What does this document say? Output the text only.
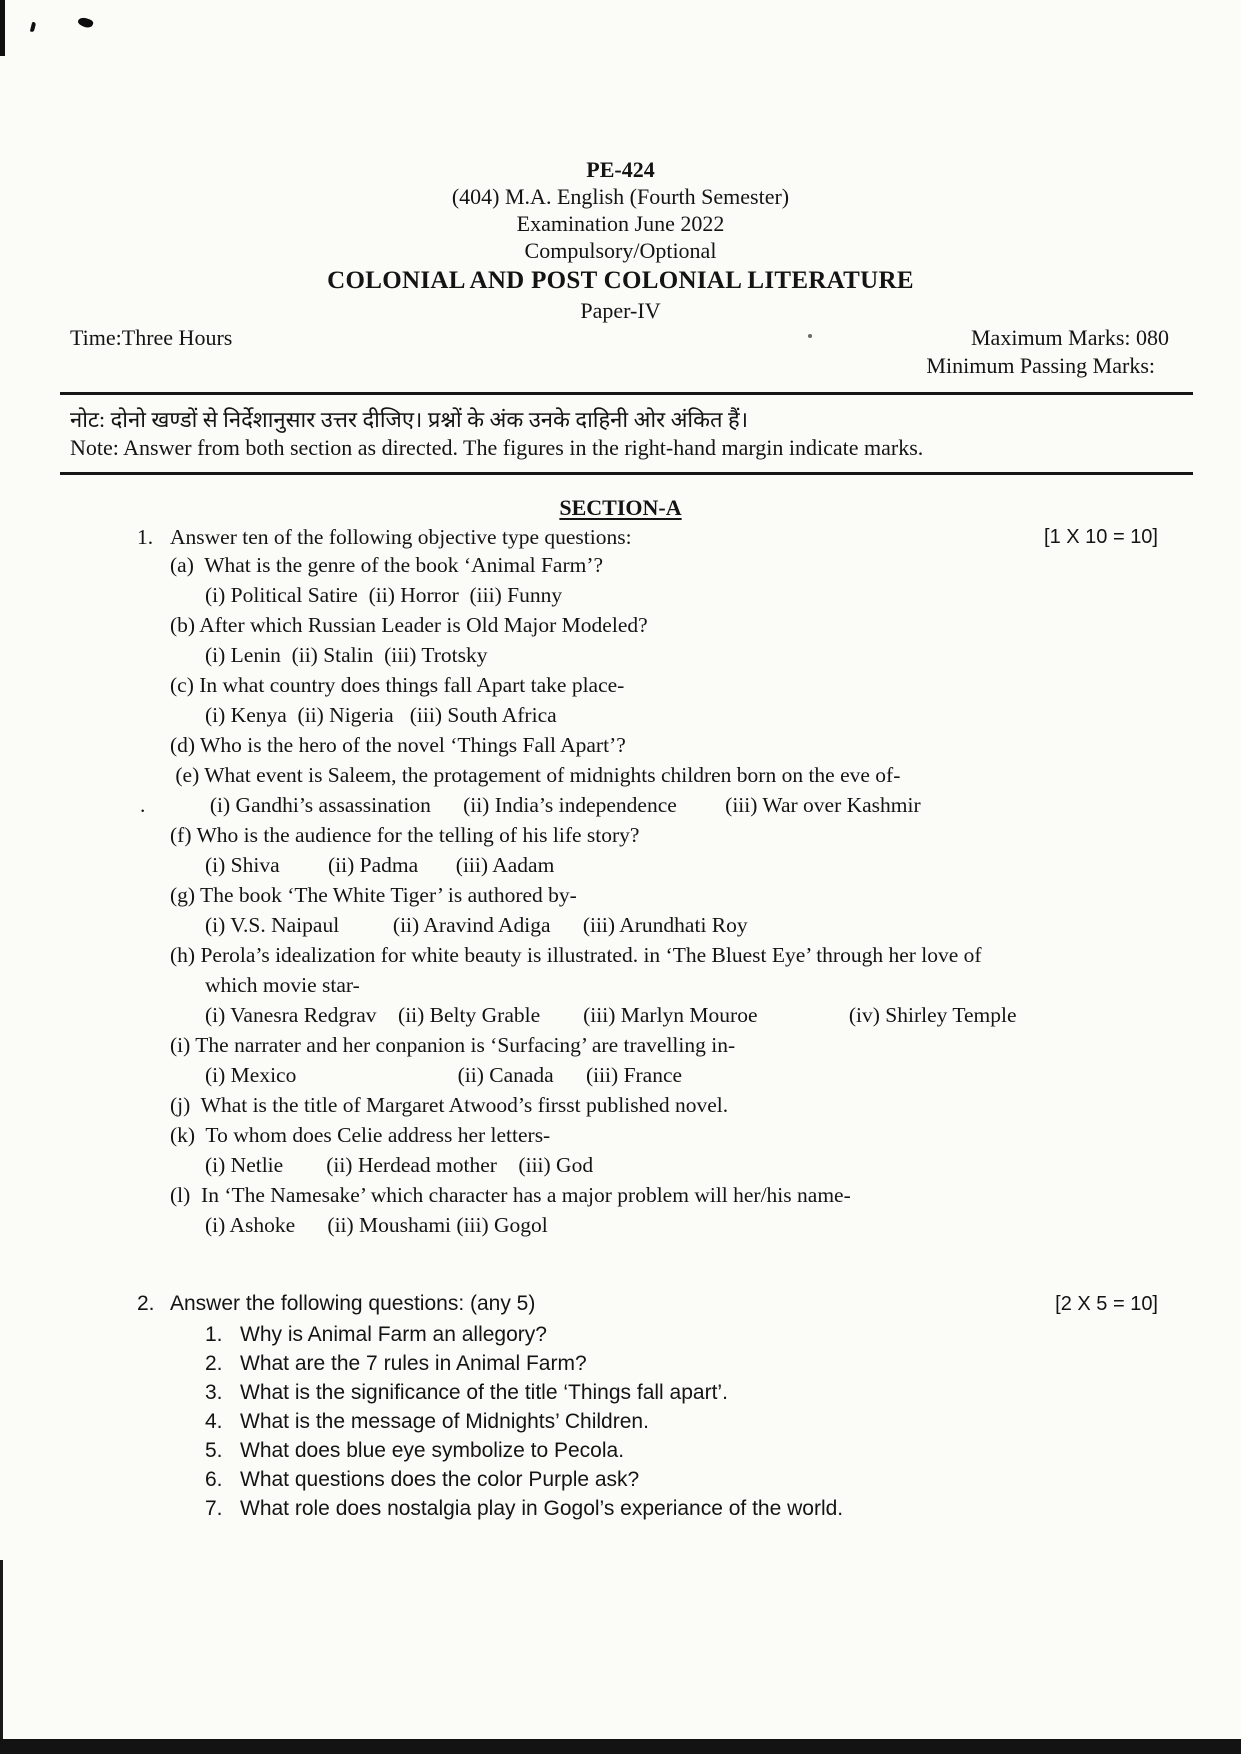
PE-424
(404) M.A. English (Fourth Semester)
Examination June 2022
Compulsory/Optional
COLONIAL AND POST COLONIAL LITERATURE
Paper-IV
Time:Three Hours	Maximum Marks: 080
Minimum Passing Marks:
नोट: दोनो खण्डों से निर्देशानुसार उत्तर दीजिए। प्रश्नों के अंक उनके दाहिनी ओर अंकित हैं।
Note: Answer from both section as directed. The figures in the right-hand margin indicate marks.
SECTION-A
1. Answer ten of the following objective type questions:	[1 X 10 = 10]
(a)  What is the genre of the book ‘Animal Farm’?
(i) Political Satire  (ii) Horror  (iii) Funny
(b) After which Russian Leader is Old Major Modeled?
(i) Lenin  (ii) Stalin  (iii) Trotsky
(c) In what country does things fall Apart take place-
(i) Kenya  (ii) Nigeria   (iii) South Africa
(d) Who is the hero of the novel ‘Things Fall Apart’?
(e) What event is Saleem, the protagement of midnights children born on the eve of-
.            (i) Gandhi’s assassination      (ii) India’s independence         (iii) War over Kashmir
(f) Who is the audience for the telling of his life story?
(i) Shiva         (ii) Padma       (iii) Aadam
(g) The book ‘The White Tiger’ is authored by-
(i) V.S. Naipaul          (ii) Aravind Adiga      (iii) Arundhati Roy
(h) Perola’s idealization for white beauty is illustrated. in ‘The Bluest Eye’ through her love of
which movie star-
(i) Vanesra Redgrav    (ii) Belty Grable        (iii) Marlyn Mouroe                 (iv) Shirley Temple
(i) The narrater and her conpanion is ‘Surfacing’ are travelling in-
(i) Mexico                              (ii) Canada      (iii) France
(j)  What is the title of Margaret Atwood’s firsst published novel.
(k)  To whom does Celie address her letters-
(i) Netlie        (ii) Herdead mother    (iii) God
(l)  In ‘The Namesake’ which character has a major problem will her/his name-
(i) Ashoke      (ii) Moushami (iii) Gogol
2. Answer the following questions: (any 5)	[2 X 5 = 10]
1. Why is Animal Farm an allegory?
2. What are the 7 rules in Animal Farm?
3. What is the significance of the title ‘Things fall apart’.
4. What is the message of Midnights’ Children.
5. What does blue eye symbolize to Pecola.
6. What questions does the color Purple ask?
7. What role does nostalgia play in Gogol’s experiance of the world.
